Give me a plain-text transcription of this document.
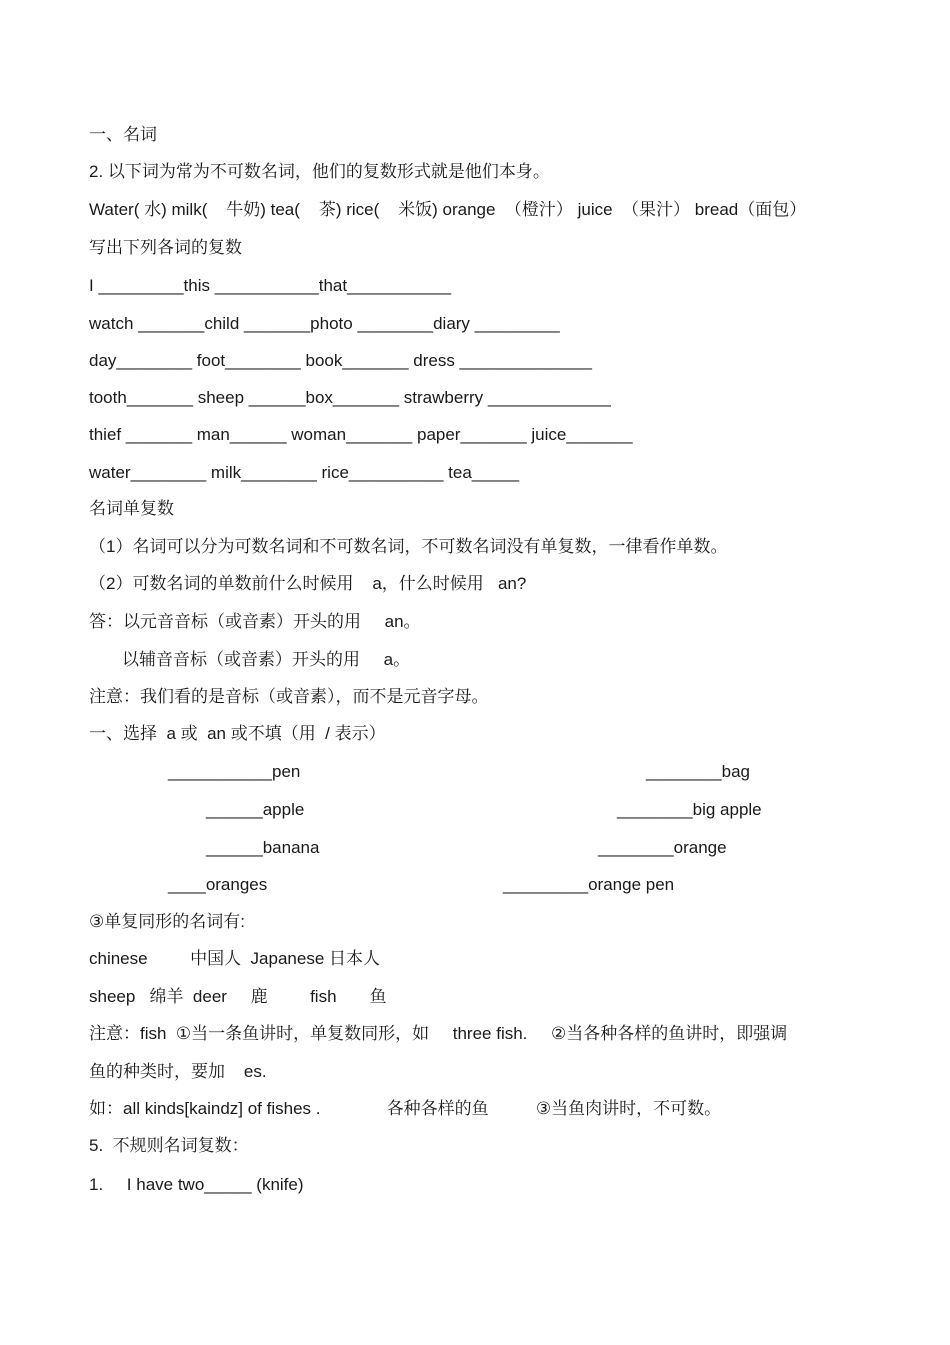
一、名词
2. 以下词为常为不可数名词，他们的复数形式就是他们本身。
Water( 水) milk(    牛奶) tea(    茶) rice(    米饭) orange  （橙汁） juice  （果汁） bread（面包）
写出下列各词的复数
I _________this ___________that___________
watch _______child _______photo ________diary _________
day________ foot________ book_______ dress ______________
tooth_______ sheep ______box_______ strawberry _____________
thief _______ man______ woman_______ paper_______ juice_______
water________ milk________ rice__________ tea_____
名词单复数
（1）名词可以分为可数名词和不可数名词，不可数名词没有单复数，一律看作单数。
（2）可数名词的单数前什么时候用    a，什么时候用   an?
答：以元音音标（或音素）开头的用     an。
以辅音音标（或音素）开头的用     a。
注意：我们看的是音标（或音素），而不是元音字母。
一、选择  a 或  an 或不填（用  / 表示）
___________pen	________bag
______apple	________big apple
______banana	________orange
____oranges	_________orange pen
③单复同形的名词有:
chinese         中国人  Japanese 日本人
sheep   绵羊  deer     鹿         fish       鱼
注意：fish  ①当一条鱼讲时，单复数同形，如     three fish.     ②当各种各样的鱼讲时，即强调
鱼的种类时，要加    es.
如：all kinds[kaindz] of fishes .              各种各样的鱼          ③当鱼肉讲时，不可数。
5.  不规则名词复数：
1.     I have two_____ (knife)
